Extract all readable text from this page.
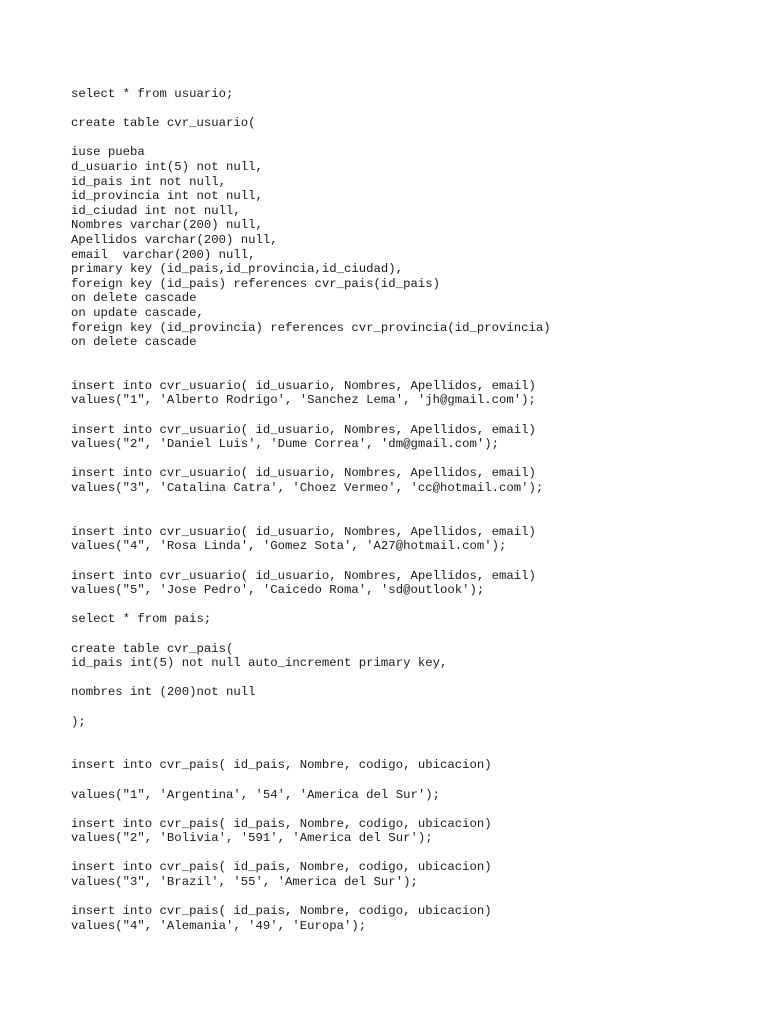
select * from usuario;
create table cvr_usuario(
iuse pueba
d_usuario int(5) not null,
id_pais int not null,
id_provincia int not null,
id_ciudad int not null,
Nombres varchar(200) null,
Apellidos varchar(200) null,
email  varchar(200) null,
primary key (id_pais,id_provincia,id_ciudad),
foreign key (id_pais) references cvr_pais(id_pais)
on delete cascade
on update cascade,
foreign key (id_provincia) references cvr_provincia(id_provincia)
on delete cascade
insert into cvr_usuario( id_usuario, Nombres, Apellidos, email)
values("1", 'Alberto Rodrigo', 'Sanchez Lema', 'jh@gmail.com');
insert into cvr_usuario( id_usuario, Nombres, Apellidos, email)
values("2", 'Daniel Luis', 'Dume Correa', 'dm@gmail.com');
insert into cvr_usuario( id_usuario, Nombres, Apellidos, email)
values("3", 'Catalina Catra', 'Choez Vermeo', 'cc@hotmail.com');
insert into cvr_usuario( id_usuario, Nombres, Apellidos, email)
values("4", 'Rosa Linda', 'Gomez Sota', 'A27@hotmail.com');
insert into cvr_usuario( id_usuario, Nombres, Apellidos, email)
values("5", 'Jose Pedro', 'Caicedo Roma', 'sd@outlook');
select * from pais;
create table cvr_pais(
id_pais int(5) not null auto_increment primary key,
nombres int (200)not null
);
insert into cvr_pais( id_pais, Nombre, codigo, ubicacion)
values("1", 'Argentina', '54', 'America del Sur');
insert into cvr_pais( id_pais, Nombre, codigo, ubicacion)
values("2", 'Bolivia', '591', 'America del Sur');
insert into cvr_pais( id_pais, Nombre, codigo, ubicacion)
values("3", 'Brazil', '55', 'America del Sur');
insert into cvr_pais( id_pais, Nombre, codigo, ubicacion)
values("4", 'Alemania', '49', 'Europa');
